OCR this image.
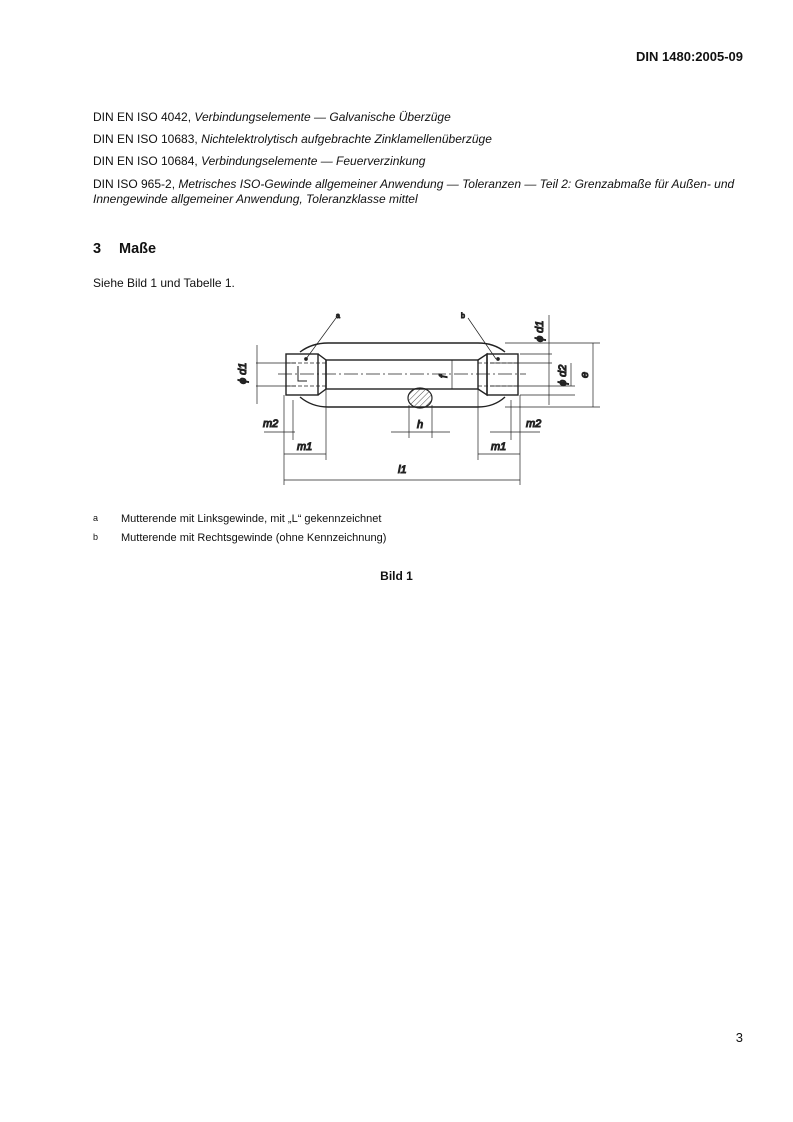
DIN 1480:2005-09
DIN EN ISO 4042, Verbindungselemente — Galvanische Überzüge
DIN EN ISO 10683, Nichtelektrolytisch aufgebrachte Zinklamellenüberzüge
DIN EN ISO 10684, Verbindungselemente — Feuerverzinkung
DIN ISO 965-2, Metrisches ISO-Gewinde allgemeiner Anwendung — Toleranzen — Teil 2: Grenzabmaße für Außen- und Innengewinde allgemeiner Anwendung, Toleranzklasse mittel
3 Maße
Siehe Bild 1 und Tabelle 1.
a	b
ϕ d1
ϕ d1
ϕ d2 e
f
h
m2	m2
m1	m1
l1
$^a$ Mutterende mit Linksgewinde, mit „L“ gekennzeichnet
$^b$ Mutterende mit Rechtsgewinde (ohne Kennzeichnung)
Bild 1
3
